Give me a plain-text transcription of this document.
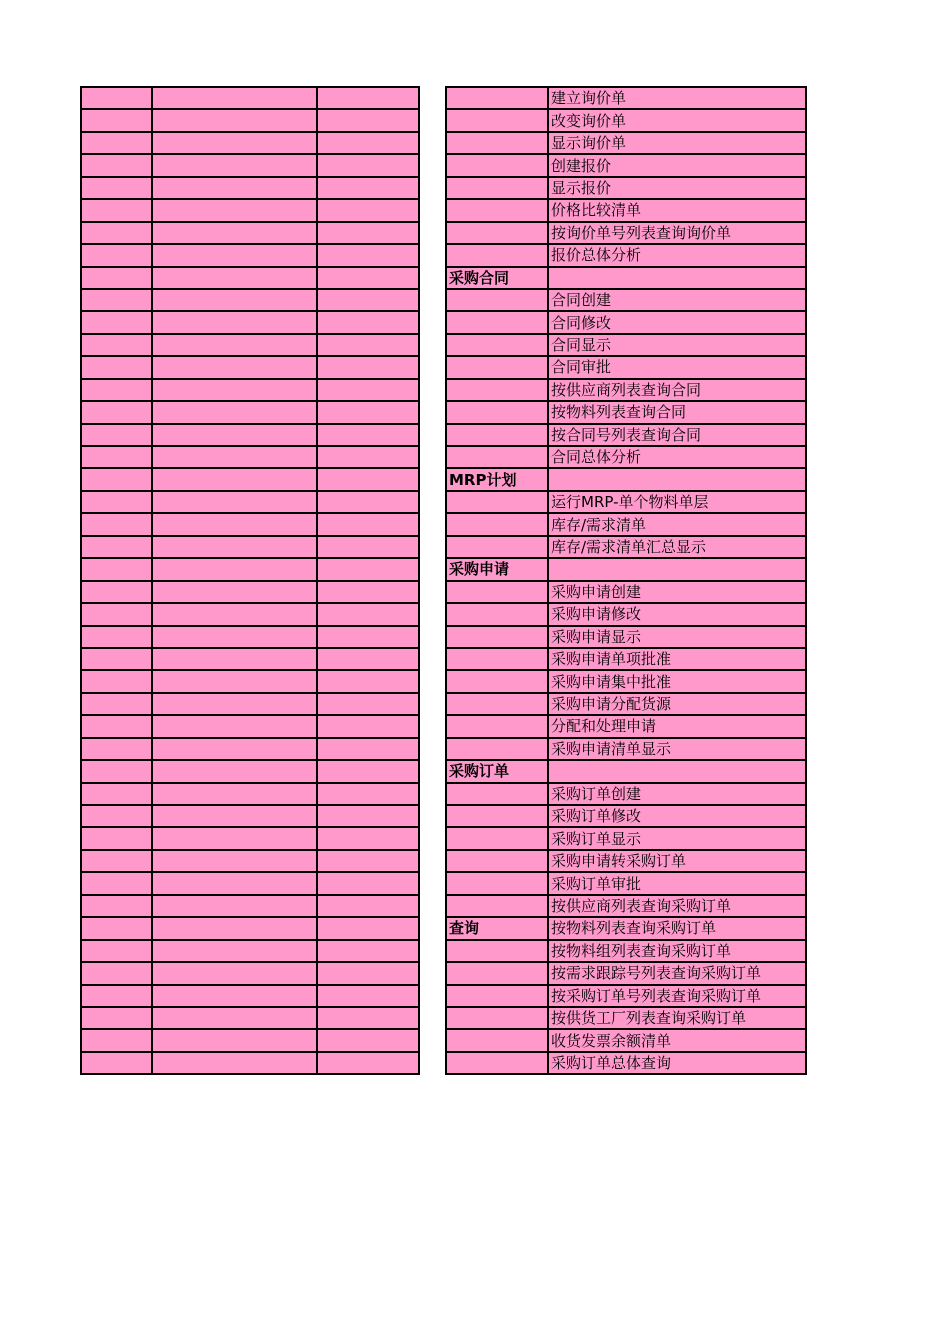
	建立询价单
	改变询价单
	显示询价单
	创建报价
	显示报价
	价格比较清单
	按询价单号列表查询询价单
	报价总体分析
采购合同	
	合同创建
	合同修改
	合同显示
	合同审批
	按供应商列表查询合同
	按物料列表查询合同
	按合同号列表查询合同
	合同总体分析
MRP计划	
	运行MRP-单个物料单层
	库存/需求清单
	库存/需求清单汇总显示
采购申请	
	采购申请创建
	采购申请修改
	采购申请显示
	采购申请单项批准
	采购申请集中批准
	采购申请分配货源
	分配和处理申请
	采购申请清单显示
采购订单	
	采购订单创建
	采购订单修改
	采购订单显示
	采购申请转采购订单
	采购订单审批
	按供应商列表查询采购订单
查询	按物料列表查询采购订单
	按物料组列表查询采购订单
	按需求跟踪号列表查询采购订单
	按采购订单号列表查询采购订单
	按供货工厂列表查询采购订单
	收货发票余额清单
	采购订单总体查询
